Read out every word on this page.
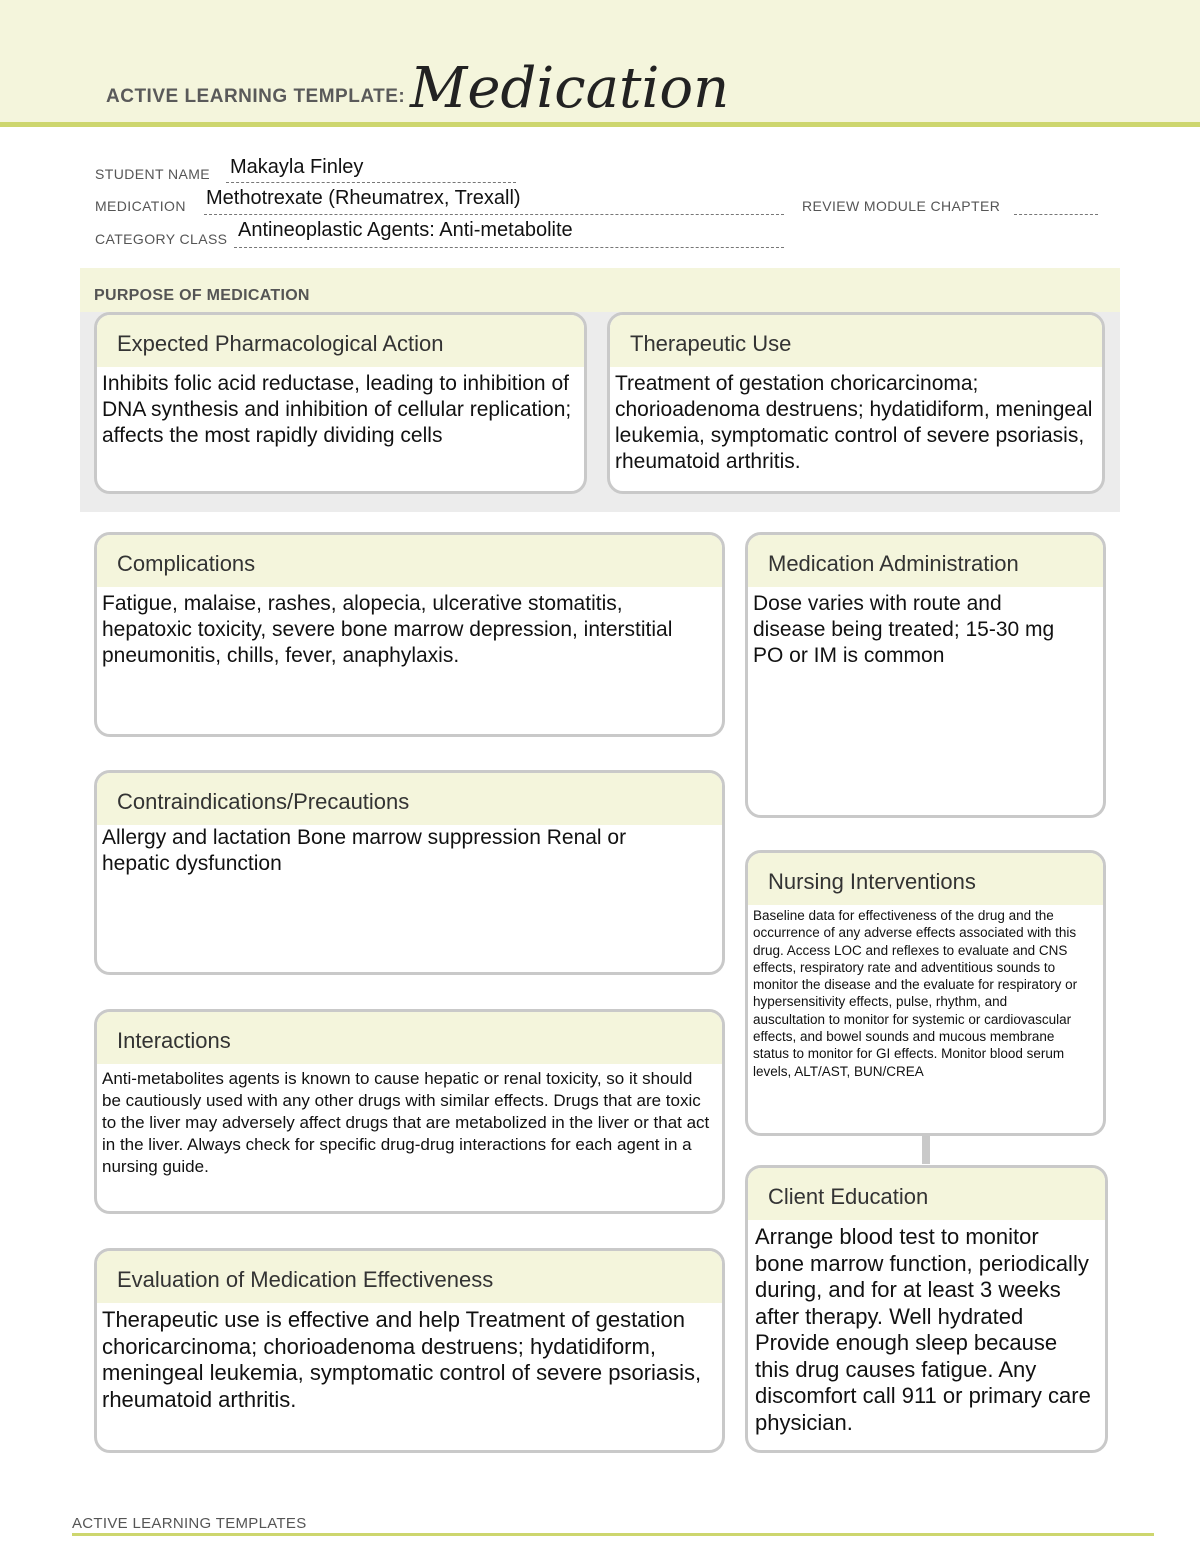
ACTIVE LEARNING TEMPLATE: Medication
STUDENT NAME Makayla Finley
MEDICATION Methotrexate (Rheumatrex, Trexall)	REVIEW MODULE CHAPTER
CATEGORY CLASS Antineoplastic Agents: Anti-metabolite
PURPOSE OF MEDICATION
Expected Pharmacological Action
Inhibits folic acid reductase, leading to inhibition of DNA synthesis and inhibition of cellular replication; affects the most rapidly dividing cells
Therapeutic Use
Treatment of gestation choricarcinoma; chorioadenoma destruens; hydatidiform, meningeal leukemia, symptomatic control of severe psoriasis, rheumatoid arthritis.
Complications
Fatigue, malaise, rashes, alopecia, ulcerative stomatitis, hepatoxic toxicity, severe bone marrow depression, interstitial pneumonitis, chills, fever, anaphylaxis.
Medication Administration
Dose varies with route and disease being treated; 15-30 mg PO or IM is common
Contraindications/Precautions
Allergy and lactation Bone marrow suppression Renal or hepatic dysfunction
Nursing Interventions
Baseline data for effectiveness of the drug and the occurrence of any adverse effects associated with this drug. Access LOC and reflexes to evaluate and CNS effects, respiratory rate and adventitious sounds to monitor the disease and the evaluate for respiratory or hypersensitivity effects, pulse, rhythm, and auscultation to monitor for systemic or cardiovascular effects, and bowel sounds and mucous membrane status to monitor for GI effects. Monitor blood serum levels, ALT/AST, BUN/CREA
Interactions
Anti-metabolites agents is known to cause hepatic or renal toxicity, so it should be cautiously used with any other drugs with similar effects. Drugs that are toxic to the liver may adversely affect drugs that are metabolized in the liver or that act in the liver. Always check for specific drug-drug interactions for each agent in a nursing guide.
Client Education
Arrange blood test to monitor bone marrow function, periodically during, and for at least 3 weeks after therapy. Well hydrated Provide enough sleep because this drug causes fatigue. Any discomfort call 911 or primary care physician.
Evaluation of Medication Effectiveness
Therapeutic use is effective and help Treatment of gestation choricarcinoma; chorioadenoma destruens; hydatidiform, meningeal leukemia, symptomatic control of severe psoriasis, rheumatoid arthritis.
ACTIVE LEARNING TEMPLATES
